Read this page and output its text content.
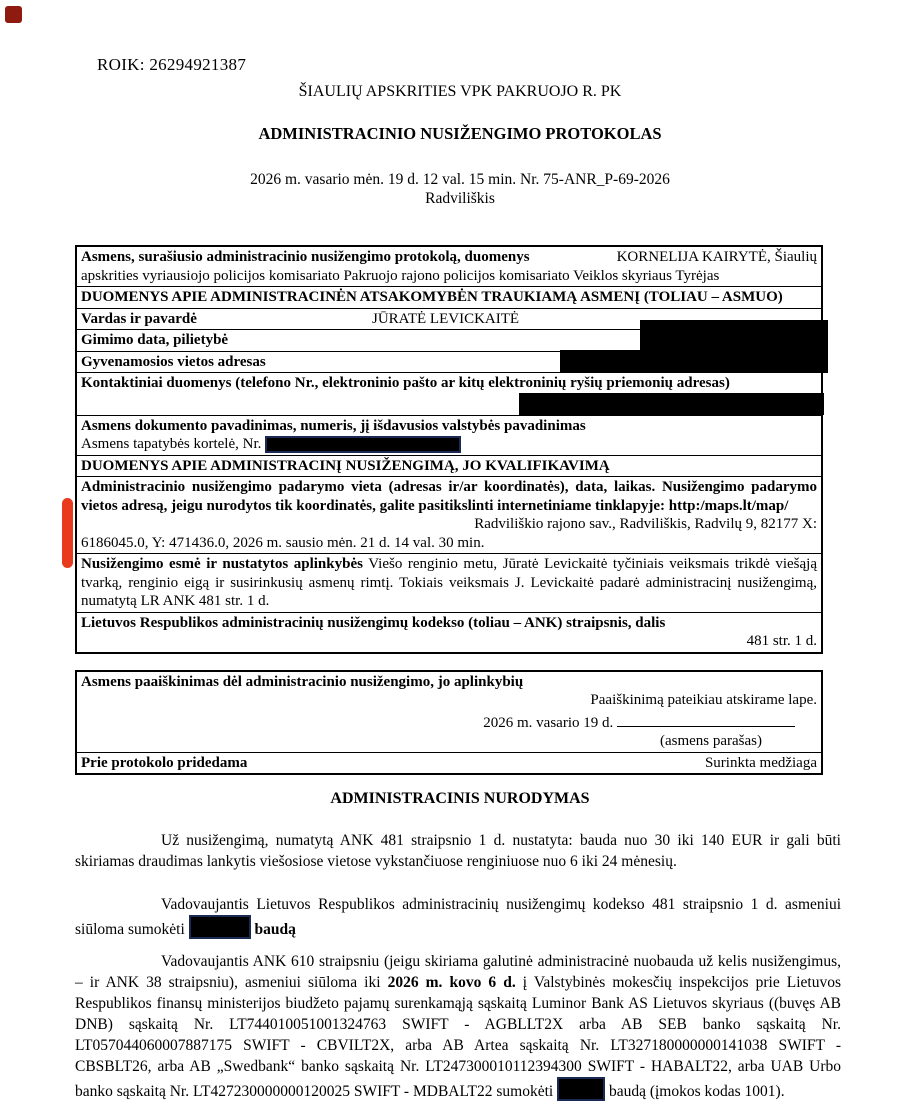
ROIK: 26294921387
ŠIAULIŲ APSKRITIES VPK PAKRUOJO R. PK
ADMINISTRACINIO NUSIŽENGIMO PROTOKOLAS
2026 m. vasario mėn. 19 d. 12 val. 15 min. Nr. 75-ANR_P-69-2026
Radviliškis
Asmens, surašiusio administracinio nusižengimo protokolą, duomenys	KORNELIJA KAIRYTĖ, Šiaulių
apskrities vyriausiojo policijos komisariato Pakruojo rajono policijos komisariato Veiklos skyriaus Tyrėjas
DUOMENYS APIE ADMINISTRACINĖN ATSAKOMYBĖN TRAUKIAMĄ ASMENĮ (TOLIAU – ASMUO)
Vardas ir pavardė	JŪRATĖ LEVICKAITĖ
Gimimo data, pilietybė
Gyvenamosios vietos adresas
Kontaktiniai duomenys (telefono Nr., elektroninio pašto ar kitų elektroninių ryšių priemonių adresas)
Asmens dokumento pavadinimas, numeris, jį išdavusios valstybės pavadinimas
Asmens tapatybės kortelė, Nr.
DUOMENYS APIE ADMINISTRACINĮ NUSIŽENGIMĄ, JO KVALIFIKAVIMĄ
Administracinio nusižengimo padarymo vieta (adresas ir/ar koordinatės), data, laikas. Nusižengimo padarymo vietos adresą, jeigu nurodytos tik koordinatės, galite pasitikslinti internetiniame tinklapyje: http:/maps.lt/map/
Radviliškio rajono sav., Radviliškis, Radvilų 9, 82177 X:
6186045.0, Y: 471436.0, 2026 m. sausio mėn. 21 d. 14 val. 30 min.
Nusižengimo esmė ir nustatytos aplinkybės Viešo renginio metu, Jūratė Levickaitė tyčiniais veiksmais trikdė viešąją tvarką, renginio eigą ir susirinkusių asmenų rimtį. Tokiais veiksmais J. Levickaitė padarė administracinį nusižengimą, numatytą LR ANK 481 str. 1 d.
Lietuvos Respublikos administracinių nusižengimų kodekso (toliau – ANK) straipsnis, dalis
481 str. 1 d.
Asmens paaiškinimas dėl administracinio nusižengimo, jo aplinkybių
Paaiškinimą pateikiau atskirame lape.
2026 m. vasario 19 d.
(asmens parašas)
Prie protokolo pridedama	Surinkta medžiaga
ADMINISTRACINIS NURODYMAS
Už nusižengimą, numatytą ANK 481 straipsnio 1 d. nustatyta: bauda nuo 30 iki 140 EUR ir gali būti skiriamas draudimas lankytis viešosiose vietose vykstančiuose renginiuose nuo 6 iki 24 mėnesių.
Vadovaujantis Lietuvos Respublikos administracinių nusižengimų kodekso 481 straipsnio 1 d. asmeniui siūloma sumokėti	baudą
Vadovaujantis ANK 610 straipsniu (jeigu skiriama galutinė administracinė nuobauda už kelis nusižengimus, – ir ANK 38 straipsniu), asmeniui siūloma iki 2026 m. kovo 6 d. į Valstybinės mokesčių inspekcijos prie Lietuvos Respublikos finansų ministerijos biudžeto pajamų surenkamąją sąskaitą Luminor Bank AS Lietuvos skyriaus ((buvęs AB DNB) sąskaitą Nr. LT744010051001324763 SWIFT - AGBLLT2X arba AB SEB banko sąskaitą Nr. LT057044060007887175 SWIFT - CBVILT2X, arba AB Artea sąskaitą Nr. LT327180000000141038 SWIFT - CBSBLT26, arba AB „Swedbank“ banko sąskaitą Nr. LT247300010112394300 SWIFT - HABALT22, arba UAB Urbo banko sąskaitą Nr. LT427230000000120025 SWIFT - MDBALT22 sumokėti	baudą (įmokos kodas 1001).
